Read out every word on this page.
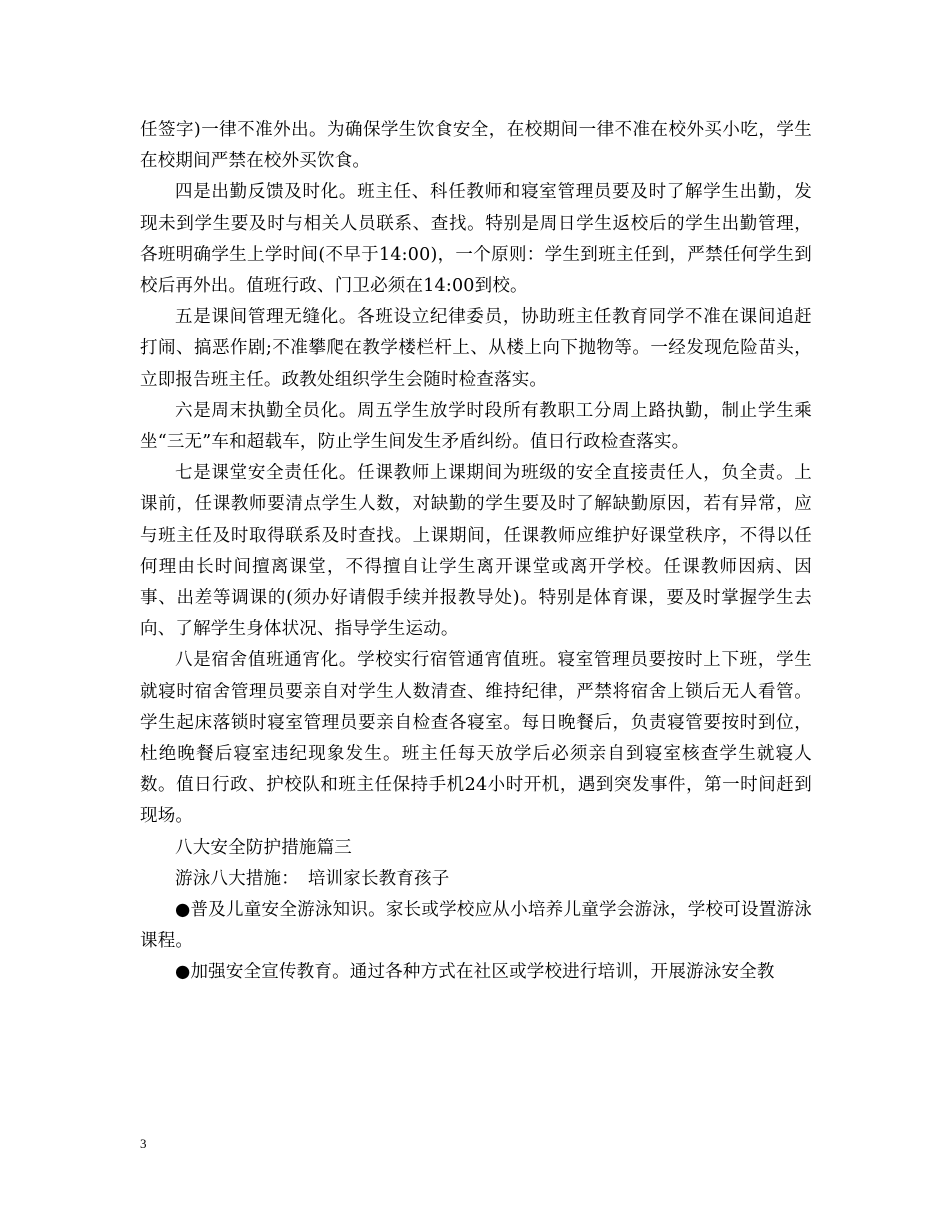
任签字)一律不准外出。为确保学生饮食安全，在校期间一律不准在校外买小吃，学生在校期间严禁在校外买饮食。

四是出勤反馈及时化。班主任、科任教师和寝室管理员要及时了解学生出勤，发现未到学生要及时与相关人员联系、查找。特别是周日学生返校后的学生出勤管理，各班明确学生上学时间(不早于14:00)，一个原则：学生到班主任到，严禁任何学生到校后再外出。值班行政、门卫必须在14:00到校。

五是课间管理无缝化。各班设立纪律委员，协助班主任教育同学不准在课间追赶打闹、搞恶作剧;不准攀爬在教学楼栏杆上、从楼上向下抛物等。一经发现危险苗头，立即报告班主任。政教处组织学生会随时检查落实。

六是周末执勤全员化。周五学生放学时段所有教职工分周上路执勤，制止学生乘坐“三无”车和超载车，防止学生间发生矛盾纠纷。值日行政检查落实。

七是课堂安全责任化。任课教师上课期间为班级的安全直接责任人，负全责。上课前，任课教师要清点学生人数，对缺勤的学生要及时了解缺勤原因，若有异常，应与班主任及时取得联系及时查找。上课期间，任课教师应维护好课堂秩序，不得以任何理由长时间擅离课堂，不得擅自让学生离开课堂或离开学校。任课教师因病、因事、出差等调课的(须办好请假手续并报教导处)。特别是体育课，要及时掌握学生去向、了解学生身体状况、指导学生运动。

八是宿舍值班通宵化。学校实行宿管通宵值班。寝室管理员要按时上下班，学生就寝时宿舍管理员要亲自对学生人数清查、维持纪律，严禁将宿舍上锁后无人看管。学生起床落锁时寝室管理员要亲自检查各寝室。每日晚餐后，负责寝管要按时到位，杜绝晚餐后寝室违纪现象发生。班主任每天放学后必须亲自到寝室核查学生就寝人数。值日行政、护校队和班主任保持手机24小时开机，遇到突发事件，第一时间赶到现场。

八大安全防护措施篇三

游泳八大措施：　培训家长教育孩子

●普及儿童安全游泳知识。家长或学校应从小培养儿童学会游泳，学校可设置游泳课程。

●加强安全宣传教育。通过各种方式在社区或学校进行培训，开展游泳安全教

3
